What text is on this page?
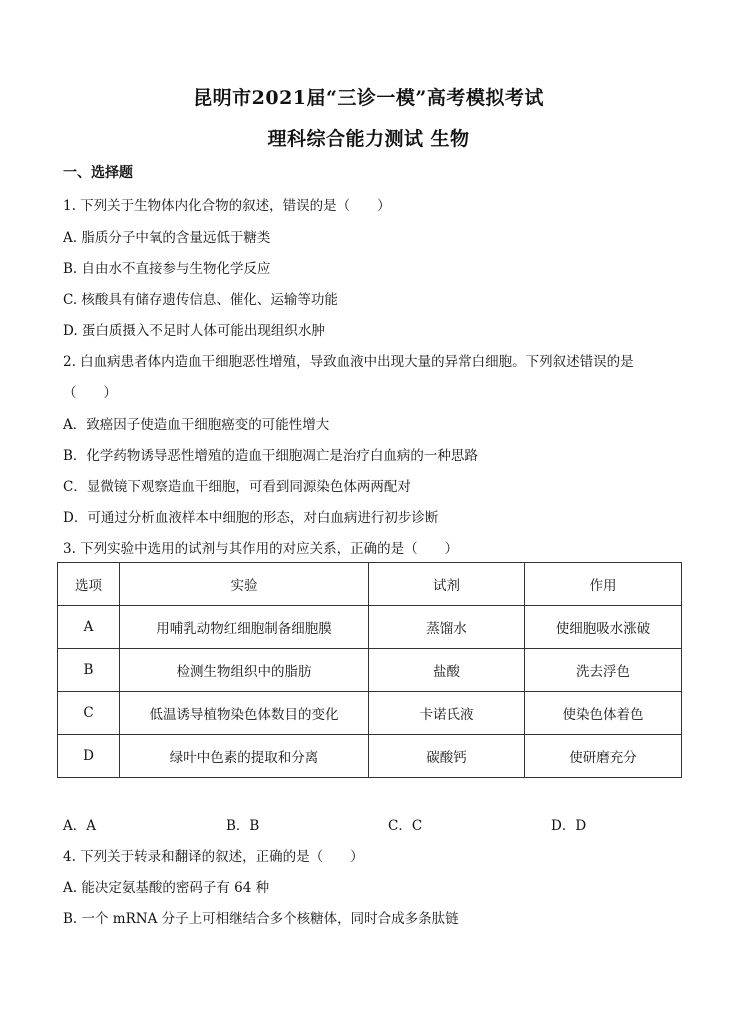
昆明市2021届“三诊一模”高考模拟考试
理科综合能力测试 生物
一、选择题
1. 下列关于生物体内化合物的叙述，错误的是（　　）
A. 脂质分子中氧的含量远低于糖类
B. 自由水不直接参与生物化学反应
C. 核酸具有储存遗传信息、催化、运输等功能
D. 蛋白质摄入不足时人体可能出现组织水肿
2. 白血病患者体内造血干细胞恶性增殖，导致血液中出现大量的异常白细胞。下列叙述错误的是
（　　）
A．致癌因子使造血干细胞癌变的可能性增大
B．化学药物诱导恶性增殖的造血干细胞凋亡是治疗白血病的一种思路
C．显微镜下观察造血干细胞，可看到同源染色体两两配对
D．可通过分析血液样本中细胞的形态，对白血病进行初步诊断
3. 下列实验中选用的试剂与其作用的对应关系，正确的是（　　）
选项	实验	试剂	作用
A	用哺乳动物红细胞制备细胞膜	蒸馏水	使细胞吸水涨破
B	检测生物组织中的脂肪	盐酸	洗去浮色
C	低温诱导植物染色体数目的变化	卡诺氏液	使染色体着色
D	绿叶中色素的提取和分离	碳酸钙	使研磨充分
A．A	B．B	C．C	D．D
4. 下列关于转录和翻译的叙述，正确的是（　　）
A. 能决定氨基酸的密码子有 64 种
B. 一个 mRNA 分子上可相继结合多个核糖体，同时合成多条肽链
